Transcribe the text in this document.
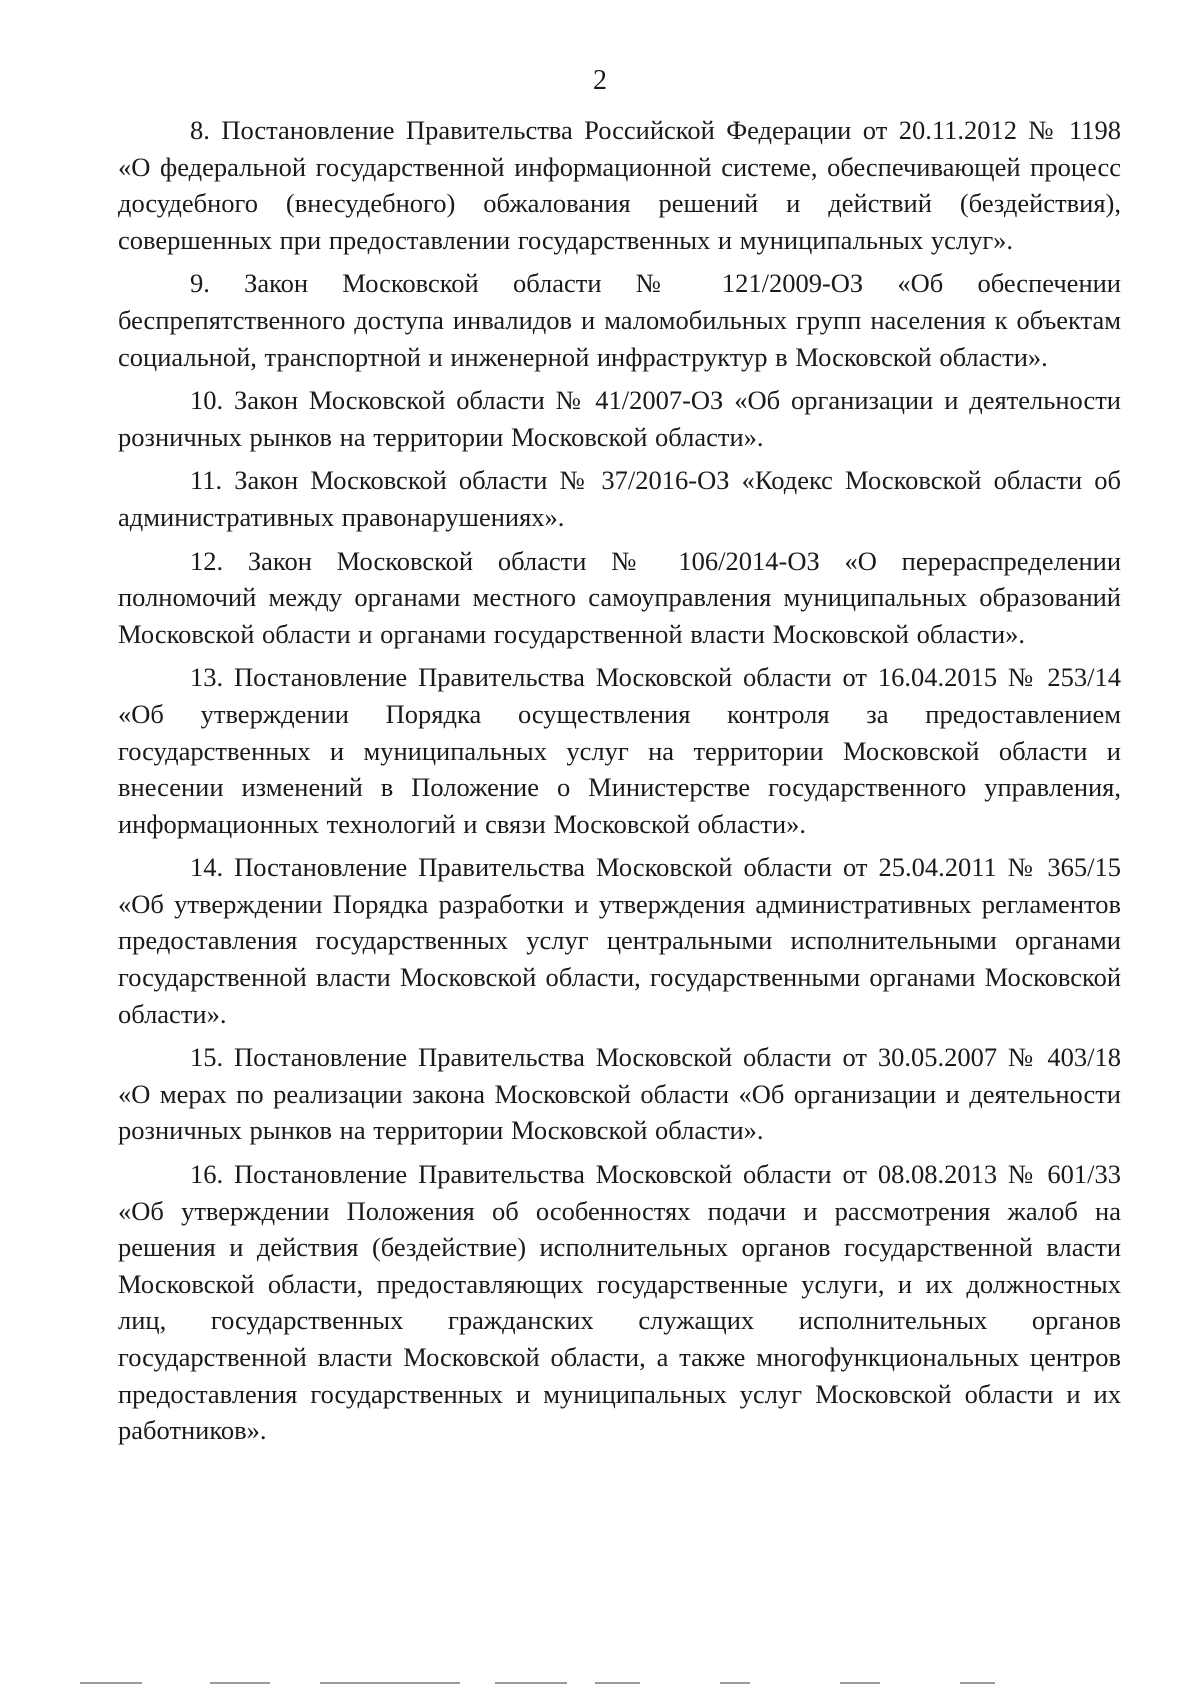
2

8. Постановление Правительства Российской Федерации от 20.11.2012 № 1198 «О федеральной государственной информационной системе, обеспечивающей процесс досудебного (внесудебного) обжалования решений и действий (бездействия), совершенных при предоставлении государственных и муниципальных услуг».

9. Закон Московской области № 121/2009-ОЗ «Об обеспечении беспрепятственного доступа инвалидов и маломобильных групп населения к объектам социальной, транспортной и инженерной инфраструктур в Московской области».

10. Закон Московской области № 41/2007-ОЗ «Об организации и деятельности розничных рынков на территории Московской области».

11. Закон Московской области № 37/2016-ОЗ «Кодекс Московской области об административных правонарушениях».

12. Закон Московской области № 106/2014-ОЗ «О перераспределении полномочий между органами местного самоуправления муниципальных образований Московской области и органами государственной власти Московской области».

13. Постановление Правительства Московской области от 16.04.2015 № 253/14 «Об утверждении Порядка осуществления контроля за предоставлением государственных и муниципальных услуг на территории Московской области и внесении изменений в Положение о Министерстве государственного управления, информационных технологий и связи Московской области».

14. Постановление Правительства Московской области от 25.04.2011 № 365/15 «Об утверждении Порядка разработки и утверждения административных регламентов предоставления государственных услуг центральными исполнительными органами государственной власти Московской области, государственными органами Московской области».

15. Постановление Правительства Московской области от 30.05.2007 № 403/18 «О мерах по реализации закона Московской области «Об организации и деятельности розничных рынков на территории Московской области».

16. Постановление Правительства Московской области от 08.08.2013 № 601/33 «Об утверждении Положения об особенностях подачи и рассмотрения жалоб на решения и действия (бездействие) исполнительных органов государственной власти Московской области, предоставляющих государственные услуги, и их должностных лиц, государственных гражданских служащих исполнительных органов государственной власти Московской области, а также многофункциональных центров предоставления государственных и муниципальных услуг Московской области и их работников».
